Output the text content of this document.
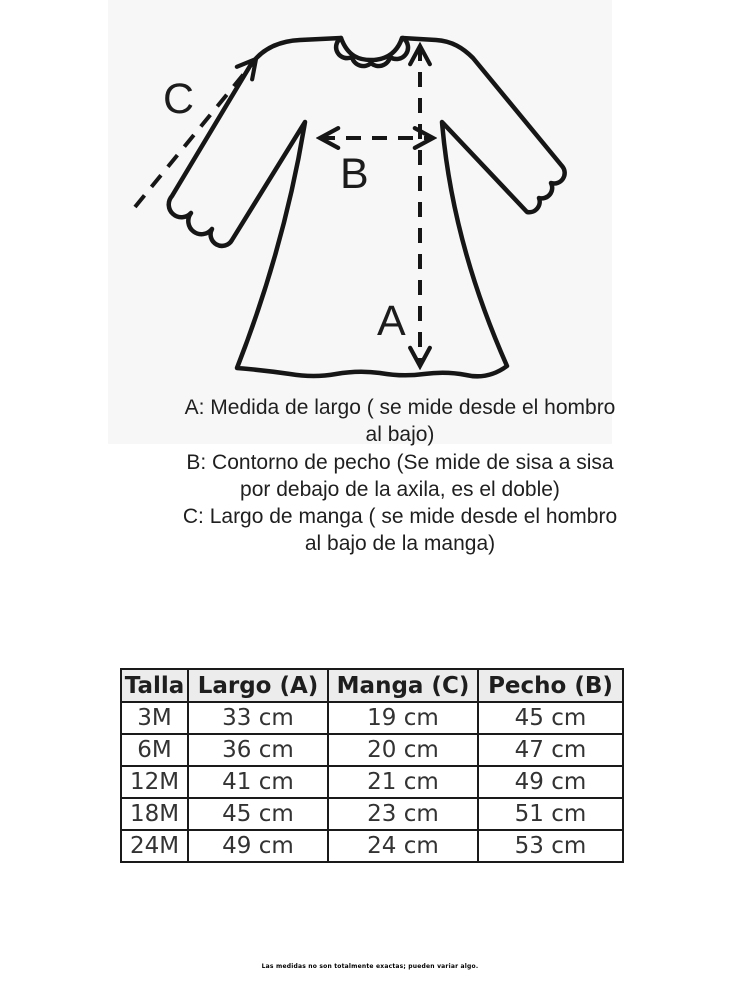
C
B
A
A: Medida de largo ( se mide desde el hombro
al bajo)
B: Contorno de pecho (Se mide de sisa a sisa
por debajo de la axila, es el doble)
C: Largo de manga ( se mide desde el hombro
al bajo de la manga)
Talla	Largo (A)	Manga (C)	Pecho (B)
3M	33 cm	19 cm	45 cm
6M	36 cm	20 cm	47 cm
12M	41 cm	21 cm	49 cm
18M	45 cm	23 cm	51 cm
24M	49 cm	24 cm	53 cm
Las medidas no son totalmente exactas; pueden variar algo.
